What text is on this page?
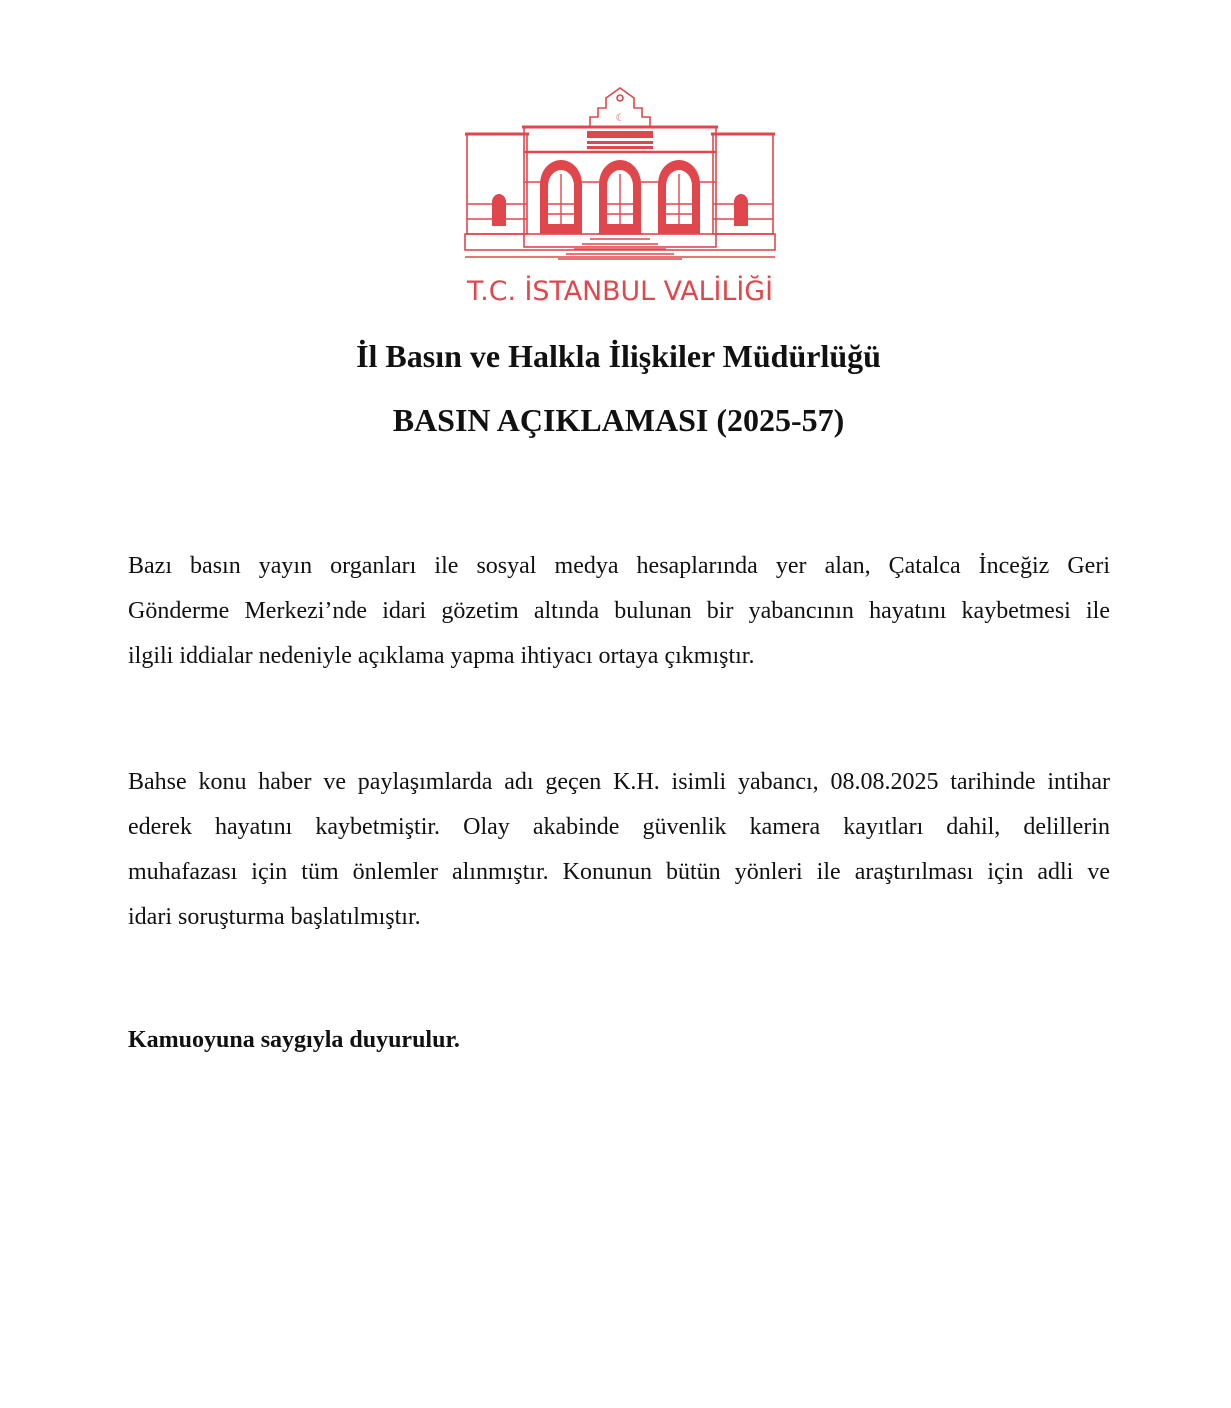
☾
T.C. İSTANBUL VALİLİĞİ
İl Basın ve Halkla İlişkiler Müdürlüğü
BASIN AÇIKLAMASI (2025-57)
Bazı basın yayın organları ile sosyal medya hesaplarında yer alan, Çatalca İnceğiz Geri
Gönderme Merkezi’nde idari gözetim altında bulunan bir yabancının hayatını kaybetmesi ile
ilgili iddialar nedeniyle açıklama yapma ihtiyacı ortaya çıkmıştır.
Bahse konu haber ve paylaşımlarda adı geçen K.H. isimli yabancı, 08.08.2025 tarihinde intihar
ederek hayatını kaybetmiştir. Olay akabinde güvenlik kamera kayıtları dahil, delillerin
muhafazası için tüm önlemler alınmıştır. Konunun bütün yönleri ile araştırılması için adli ve
idari soruşturma başlatılmıştır.
Kamuoyuna saygıyla duyurulur.
